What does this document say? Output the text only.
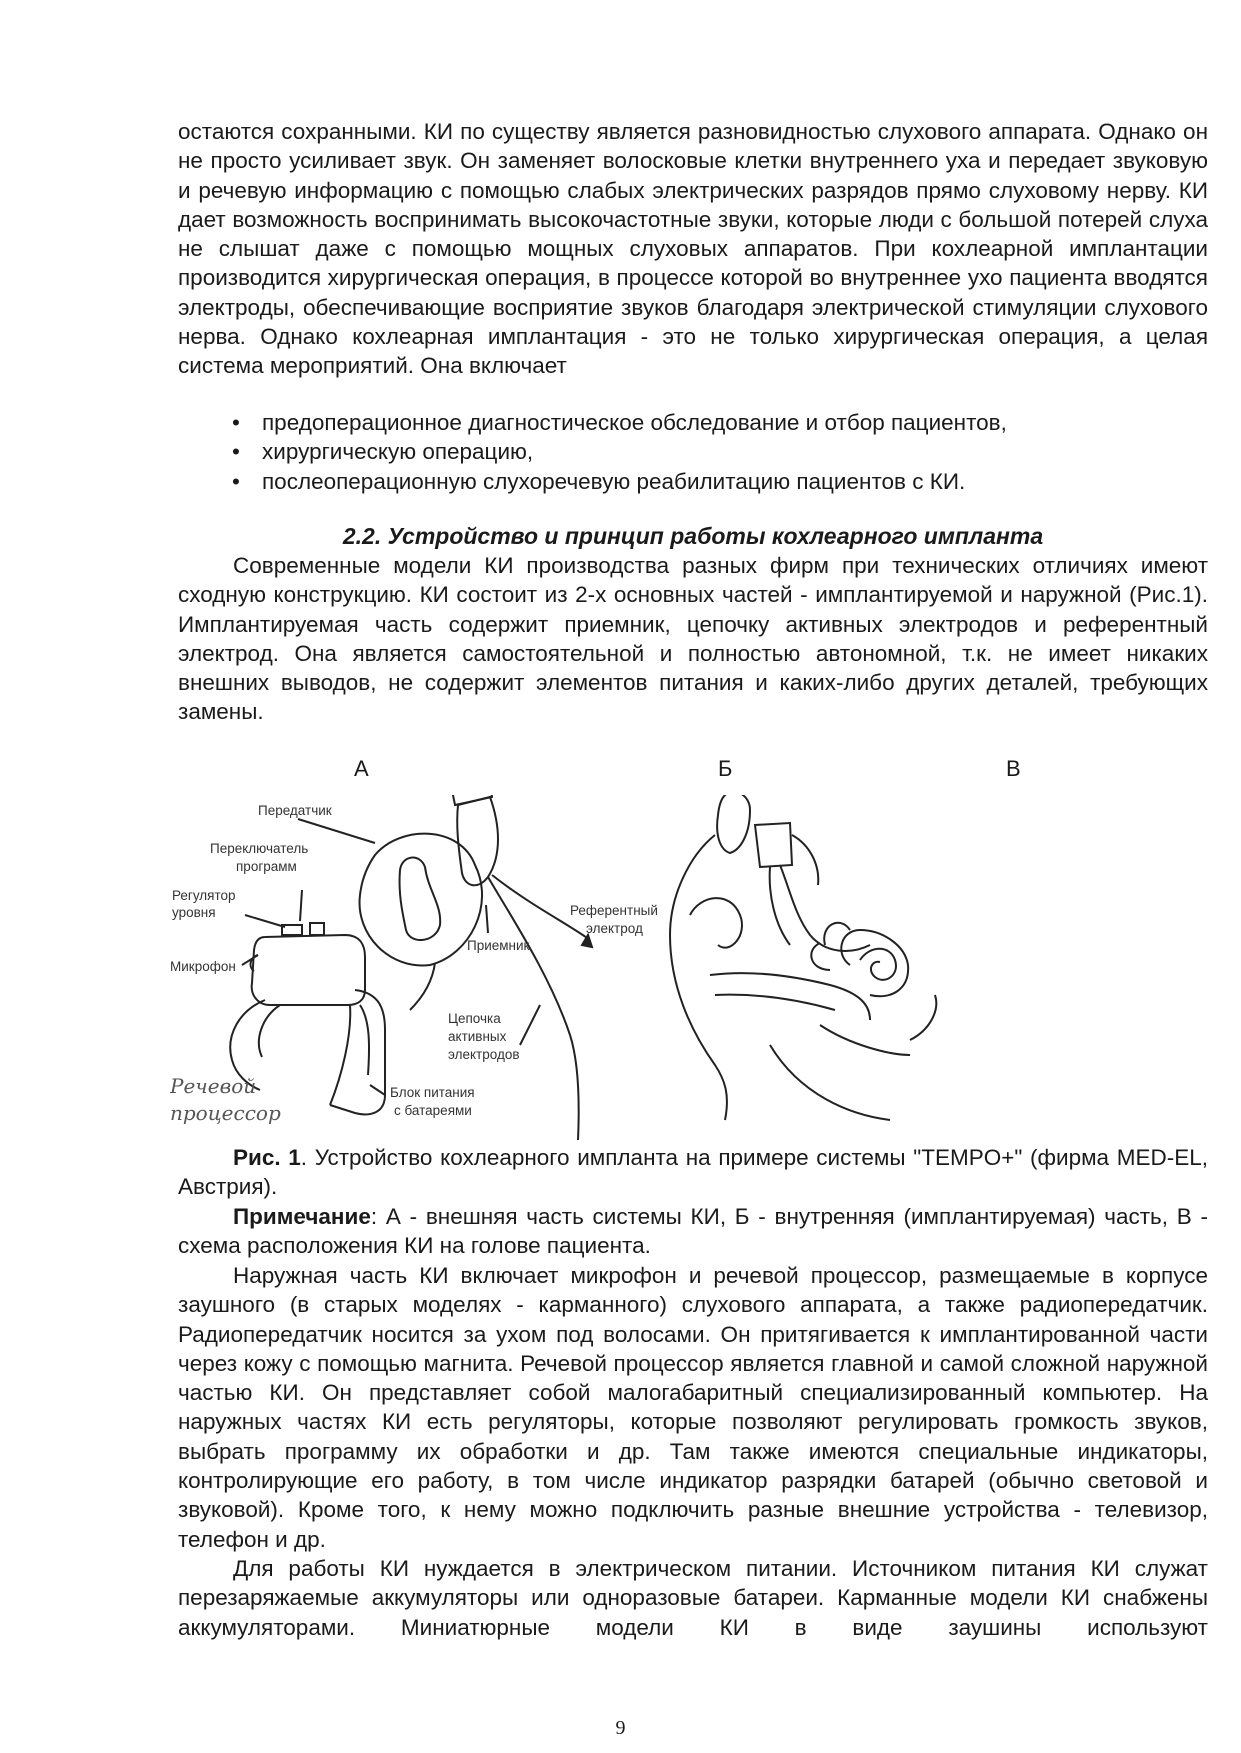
остаются сохранными. КИ по существу является разновидностью слухового аппарата. Однако он не просто усиливает звук. Он заменяет волосковые клетки внутреннего уха и передает звуковую и речевую информацию с помощью слабых электрических разрядов прямо слуховому нерву. КИ дает возможность воспринимать высокочастотные звуки, которые люди с большой потерей слуха не слышат даже с помощью мощных слуховых аппаратов. При кохлеарной имплантации производится хирургическая операция, в процессе которой во внутреннее ухо пациента вводятся электроды, обеспечивающие восприятие звуков благодаря электрической стимуляции слухового нерва. Однако кохлеарная имплантация - это не только хирургическая операция, а целая система мероприятий. Она включает

• предоперационное диагностическое обследование и отбор пациентов,
• хирургическую операцию,
• послеоперационную слухоречевую реабилитацию пациентов с КИ.
2.2. Устройство и принцип работы кохлеарного импланта

Современные модели КИ производства разных фирм при технических отличиях имеют сходную конструкцию. КИ состоит из 2-х основных частей - имплантируемой и наружной (Рис.1). Имплантируемая часть содержит приемник, цепочку активных электродов и референтный электрод. Она является самостоятельной и полностью автономной, т.к. не имеет никаких внешних выводов, не содержит элементов питания и каких-либо других деталей, требующих замены.

А	Б	В
Передатчик
Переключатель
программ
Регулятор
уровня
Микрофон
Речевой
процессор
Блок питания
с батареями
Приемник
Референтный
электрод
Цепочка
активных
электродов

Рис. 1. Устройство кохлеарного импланта на примере системы "TEMPO+" (фирма MED-EL, Австрия).

Примечание: А - внешняя часть системы КИ, Б - внутренняя (имплантируемая) часть, В - схема расположения КИ на голове пациента.

Наружная часть КИ включает микрофон и речевой процессор, размещаемые в корпусе заушного (в старых моделях - карманного) слухового аппарата, а также радиопередатчик. Радиопередатчик носится за ухом под волосами. Он притягивается к имплантированной части через кожу с помощью магнита. Речевой процессор является главной и самой сложной наружной частью КИ. Он представляет собой малогабаритный специализированный компьютер. На наружных частях КИ есть регуляторы, которые позволяют регулировать громкость звуков, выбрать программу их обработки и др. Там также имеются специальные индикаторы, контролирующие его работу, в том числе индикатор разрядки батарей (обычно световой и звуковой). Кроме того, к нему можно подключить разные внешние устройства - телевизор, телефон и др.

Для работы КИ нуждается в электрическом питании. Источником питания КИ служат перезаряжаемые аккумуляторы или одноразовые батареи. Карманные модели КИ снабжены аккумуляторами. Миниатюрные модели КИ в виде заушины используют

9
